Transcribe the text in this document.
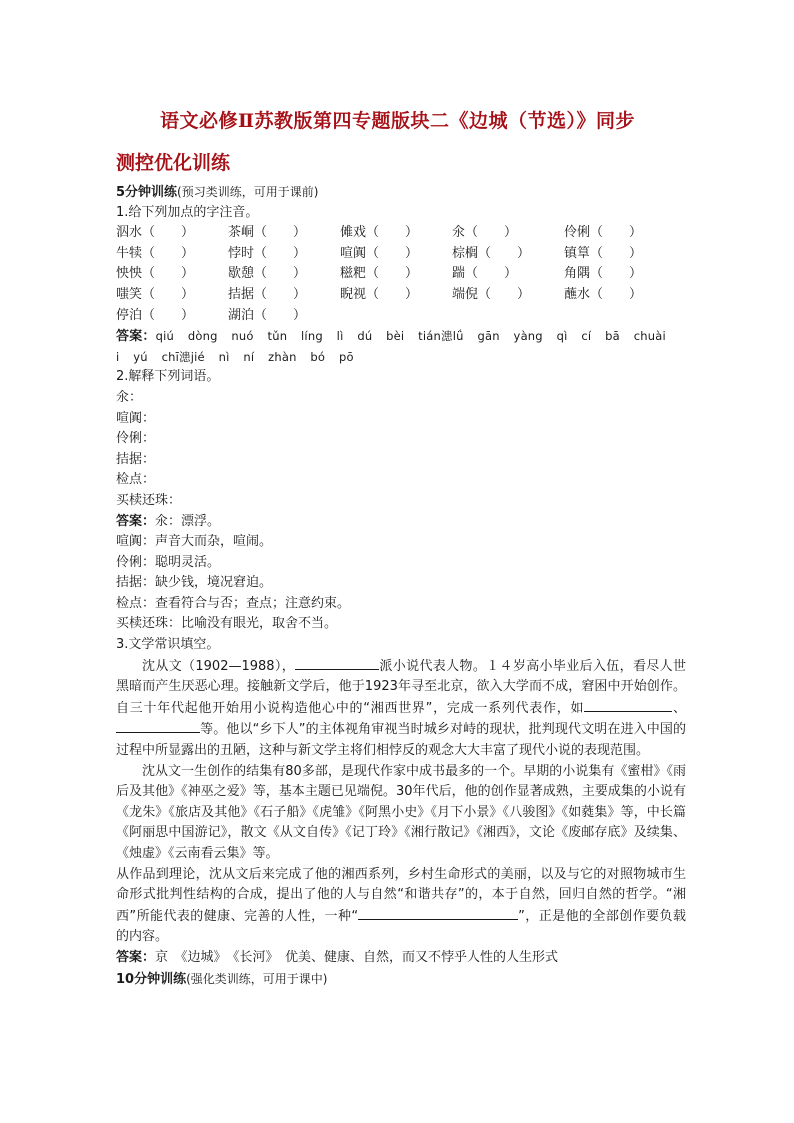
语文必修Ⅱ苏教版第四专题版块二《边城（节选）》同步
测控优化训练
5分钟训练(预习类训练，可用于课前)
1.给下列加点的字注音。
泅水（　　）	茶峒（　　）	傩戏（　　）	氽（　　）	伶俐（　　）
牛犊（　　）	悖时（　　）	喧阗（　　）	棕榈（　　）	镇筸（　　）
怏怏（　　）	歇憩（　　）	糍粑（　　）	踹（　　）	角隅（　　）
嗤笑（　　）	拮据（　　）	睨视（　　）	端倪（　　）	蘸水（　　）
停泊（　　）	湖泊（　　）
答案：qiú dòng nuó tǔn líng lì dú bèi tián漶lǘ gān yàng qì cí bā chuài
i yú chī漶jié nì ní zhàn bó pō
2.解释下列词语。
氽：
喧阗：
伶俐：
拮据：
检点：
买椟还珠：
答案：氽：漂浮。
喧阗：声音大而杂，喧闹。
伶俐：聪明灵活。
拮据：缺少钱，境况窘迫。
检点：查看符合与否；查点；注意约束。
买椟还珠：比喻没有眼光，取舍不当。
3.文学常识填空。
沈从文（1902—1988），	派小说代表人物。１４岁高小毕业后入伍，看尽人世黑暗而产生厌恶心理。接触新文学后，他于1923年寻至北京，欲入大学而不成，窘困中开始创作。自三十年代起他开始用小说构造他心中的“湘西世界”，完成一系列代表作，如	、等。他以“乡下人”的主体视角审视当时城乡对峙的现状，批判现代文明在进入中国的过程中所显露出的丑陋，这种与新文学主将们相悖反的观念大大丰富了现代小说的表现范围。
沈从文一生创作的结集有80多部，是现代作家中成书最多的一个。早期的小说集有《蜜柑》《雨后及其他》《神巫之爱》等，基本主题已见端倪。30年代后，他的创作显著成熟，主要成集的小说有《龙朱》《旅店及其他》《石子船》《虎雏》《阿黑小史》《月下小景》《八骏图》《如蕤集》等，中长篇《阿丽思中国游记》，散文《从文自传》《记丁玲》《湘行散记》《湘西》，文论《废邮存底》及续集、《烛虚》《云南看云集》等。
从作品到理论，沈从文后来完成了他的湘西系列，乡村生命形式的美丽，以及与它的对照物城市生命形式批判性结构的合成，提出了他的人与自然“和谐共存”的，本于自然，回归自然的哲学。“湘西”所能代表的健康、完善的人性，一种“	”，正是他的全部创作要负载的内容。
答案：京　《边城》　《长河》　优美、健康、自然，而又不悖乎人性的人生形式
10分钟训练(强化类训练，可用于课中)
